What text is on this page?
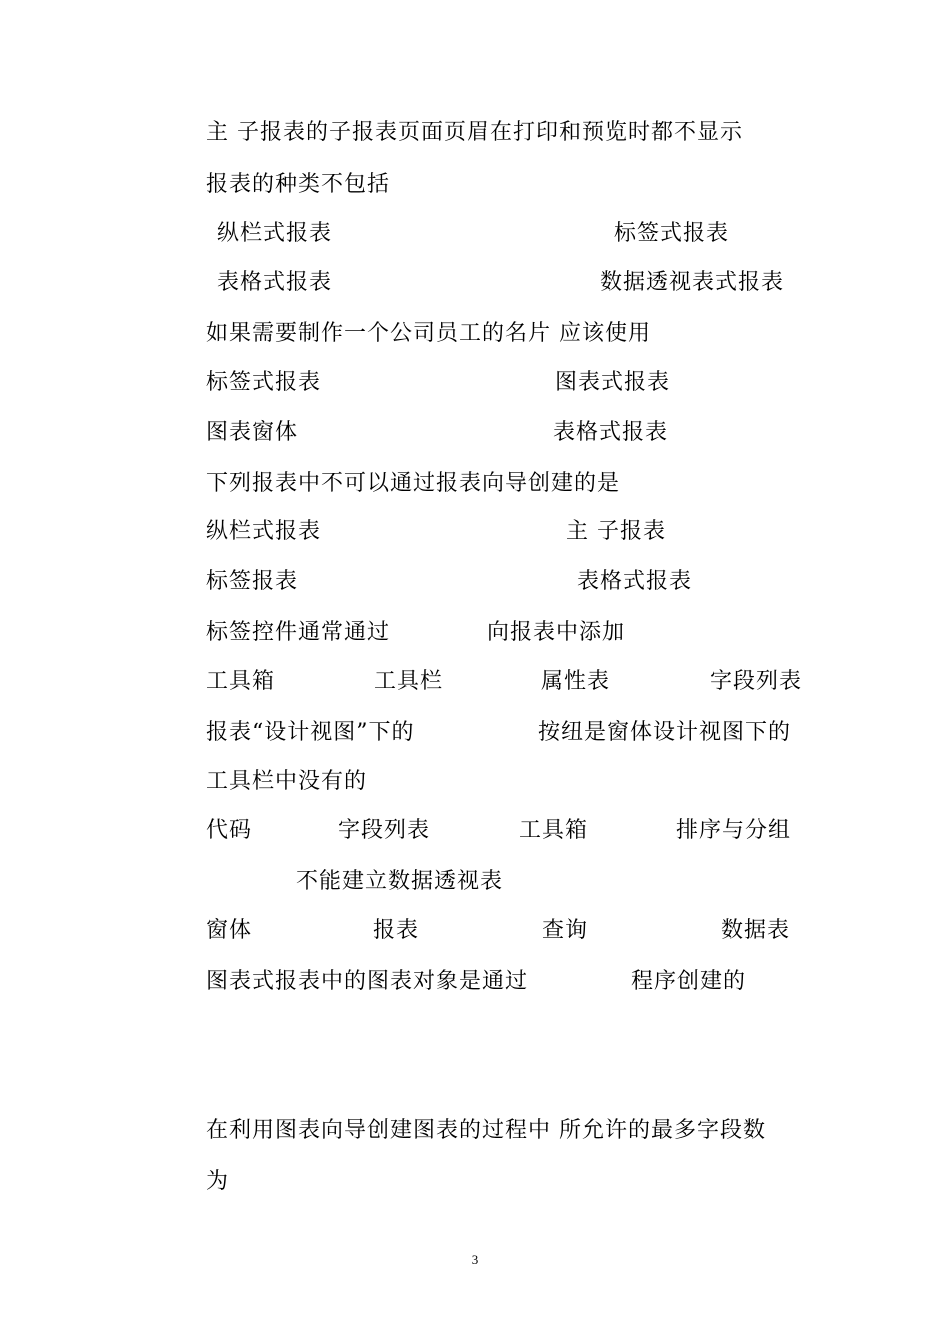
主 子报表的子报表页面页眉在打印和预览时都不显示
报表的种类不包括
纵栏式报表	标签式报表
表格式报表	数据透视表式报表
如果需要制作一个公司员工的名片 应该使用
标签式报表	图表式报表
图表窗体	表格式报表
下列报表中不可以通过报表向导创建的是
纵栏式报表	主 子报表
标签报表	表格式报表
标签控件通常通过	向报表中添加
工具箱	工具栏	属性表	字段列表
报表“设计视图”下的	按纽是窗体设计视图下的
工具栏中没有的
代码	字段列表	工具箱	排序与分组
不能建立数据透视表
窗体	报表	查询	数据表
图表式报表中的图表对象是通过	程序创建的
在利用图表向导创建图表的过程中 所允许的最多字段数
为
3
